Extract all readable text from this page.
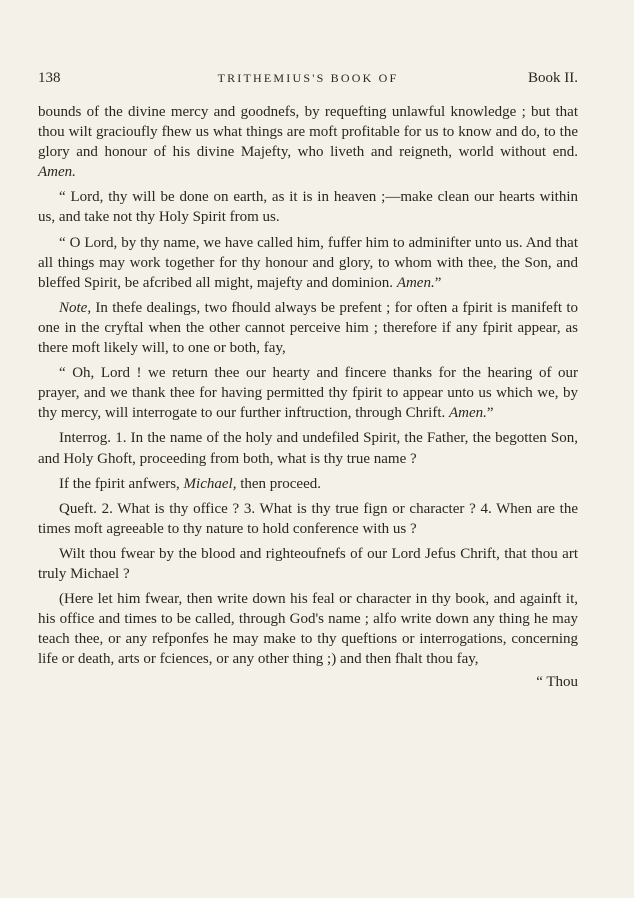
138	TRITHEMIUS'S BOOK OF	Book II.

bounds of the divine mercy and goodnefs, by requefting unlawful knowledge ; but that thou wilt gracioufly fhew us what things are moft profitable for us to know and do, to the glory and honour of his divine Majefty, who liveth and reigneth, world without end. Amen.

“ Lord, thy will be done on earth, as it is in heaven ;—make clean our hearts within us, and take not thy Holy Spirit from us.

“ O Lord, by thy name, we have called him, fuffer him to adminifter unto us. And that all things may work together for thy honour and glory, to whom with thee, the Son, and bleffed Spirit, be afcribed all might, majefty and dominion. Amen.”

Note, In thefe dealings, two fhould always be prefent ; for often a fpirit is manifeft to one in the cryftal when the other cannot perceive him ; therefore if any fpirit appear, as there moft likely will, to one or both, fay,

“ Oh, Lord ! we return thee our hearty and fincere thanks for the hearing of our prayer, and we thank thee for having permitted thy fpirit to appear unto us which we, by thy mercy, will interrogate to our further inftruction, through Chrift. Amen.”

Interrog. 1. In the name of the holy and undefiled Spirit, the Father, the begotten Son, and Holy Ghoft, proceeding from both, what is thy true name ?

If the fpirit anfwers, Michael, then proceed.

Queft. 2. What is thy office ? 3. What is thy true fign or character ? 4. When are the times moft agreeable to thy nature to hold conference with us ?

Wilt thou fwear by the blood and righteoufnefs of our Lord Jefus Chrift, that thou art truly Michael ?

(Here let him fwear, then write down his feal or character in thy book, and againft it, his office and times to be called, through God's name ; alfo write down any thing he may teach thee, or any refponfes he may make to thy queftions or interrogations, concerning life or death, arts or fciences, or any other thing ;) and then fhalt thou fay,

“ Thou
